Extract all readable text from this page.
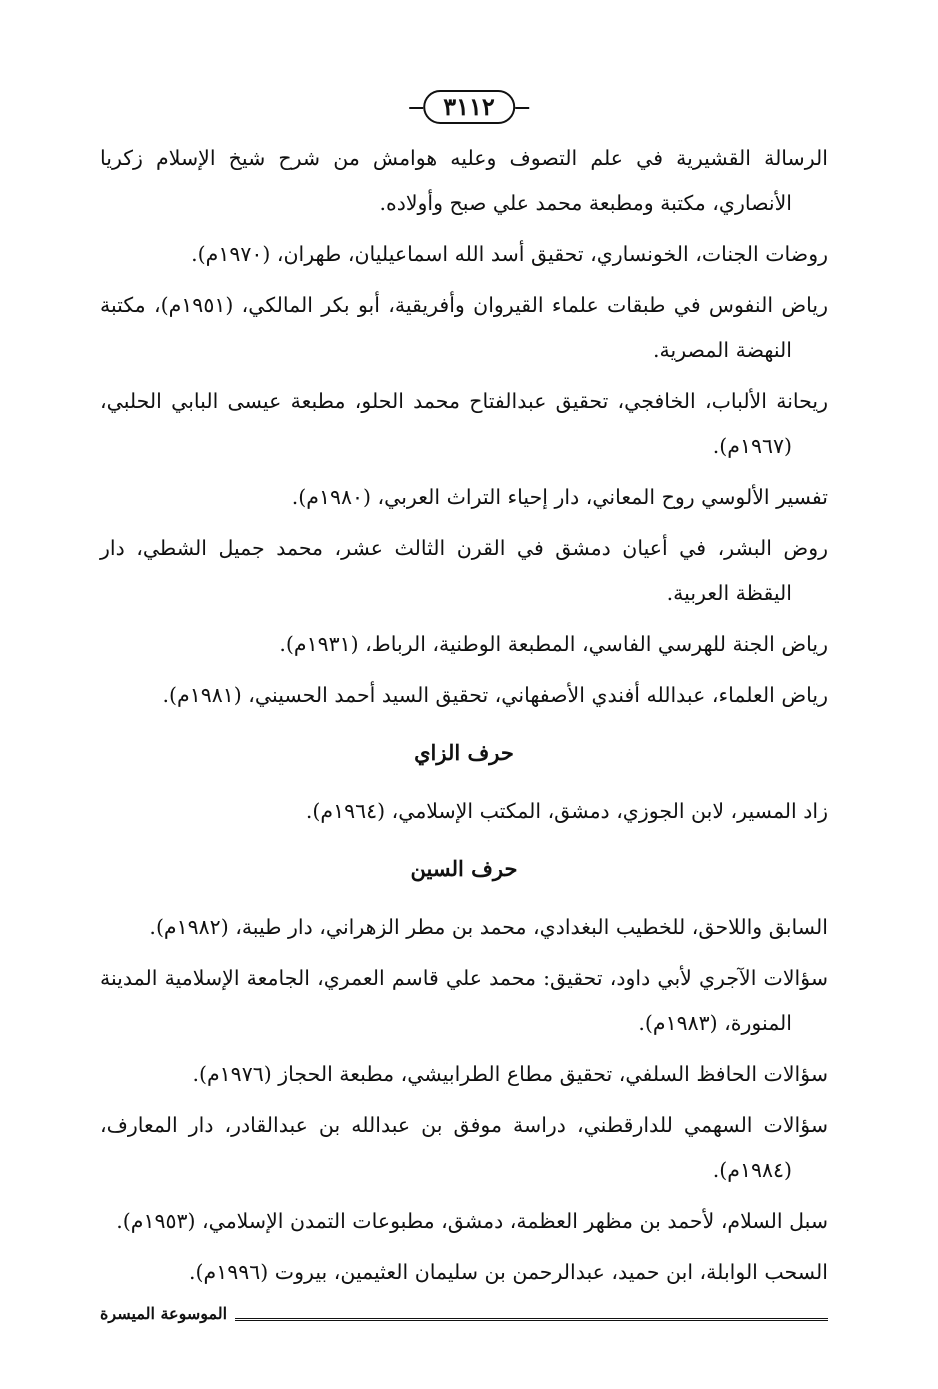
٣١١٢

الرسالة القشيرية في علم التصوف وعليه هوامش من شرح شيخ الإسلام زكريا الأنصاري، مكتبة ومطبعة محمد علي صبح وأولاده.

روضات الجنات، الخونساري، تحقيق أسد الله اسماعيليان، طهران، (١٩٧٠م).

رياض النفوس في طبقات علماء القيروان وأفريقية، أبو بكر المالكي، (١٩٥١م)، مكتبة النهضة المصرية.

ريحانة الألباب، الخافجي، تحقيق عبدالفتاح محمد الحلو، مطبعة عيسى البابي الحلبي، (١٩٦٧م).

تفسير الألوسي روح المعاني، دار إحياء التراث العربي، (١٩٨٠م).

روض البشر، في أعيان دمشق في القرن الثالث عشر، محمد جميل الشطي، دار اليقظة العربية.

رياض الجنة للهرسي الفاسي، المطبعة الوطنية، الرباط، (١٩٣١م).

رياض العلماء، عبدالله أفندي الأصفهاني، تحقيق السيد أحمد الحسيني، (١٩٨١م).

حرف الزاي

زاد المسير، لابن الجوزي، دمشق، المكتب الإسلامي، (١٩٦٤م).

حرف السين

السابق واللاحق، للخطيب البغدادي، محمد بن مطر الزهراني، دار طيبة، (١٩٨٢م).

سؤالات الآجري لأبي داود، تحقيق: محمد علي قاسم العمري، الجامعة الإسلامية المدينة المنورة، (١٩٨٣م).

سؤالات الحافظ السلفي، تحقيق مطاع الطرابيشي، مطبعة الحجاز (١٩٧٦م).

سؤالات السهمي للدارقطني، دراسة موفق بن عبدالله بن عبدالقادر، دار المعارف، (١٩٨٤م).

سبل السلام، لأحمد بن مظهر العظمة، دمشق، مطبوعات التمدن الإسلامي، (١٩٥٣م).

السحب الوابلة، ابن حميد، عبدالرحمن بن سليمان العثيمين، بيروت (١٩٩٦م).

الموسوعة الميسرة
